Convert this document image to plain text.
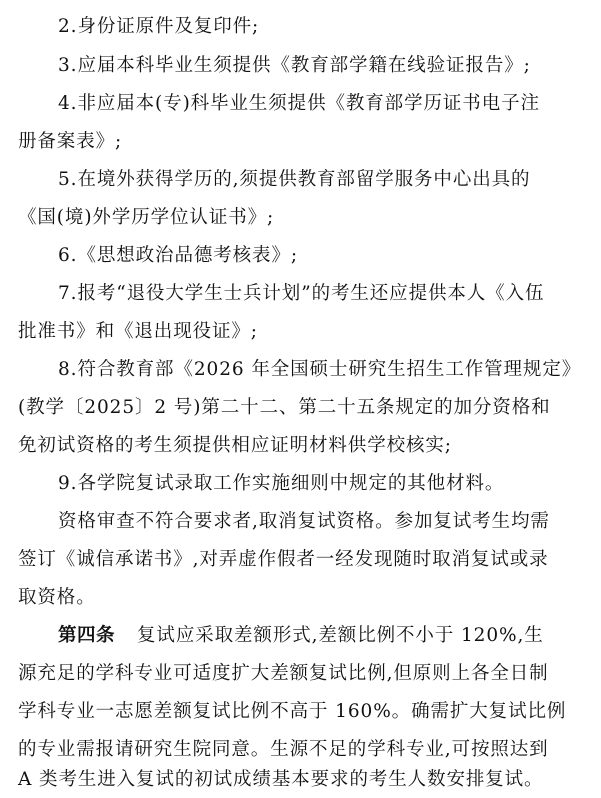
2.身份证原件及复印件;
3.应届本科毕业生须提供《教育部学籍在线验证报告》;
4.非应届本(专)科毕业生须提供《教育部学历证书电子注
册备案表》;
5.在境外获得学历的,须提供教育部留学服务中心出具的
《国(境)外学历学位认证书》;
6.《思想政治品德考核表》;
7.报考“退役大学生士兵计划”的考生还应提供本人《入伍
批准书》和《退出现役证》;
8.符合教育部《2026 年全国硕士研究生招生工作管理规定》
(教学〔2025〕2 号)第二十二、第二十五条规定的加分资格和
免初试资格的考生须提供相应证明材料供学校核实;
9.各学院复试录取工作实施细则中规定的其他材料。
资格审查不符合要求者,取消复试资格。参加复试考生均需
签订《诚信承诺书》,对弄虚作假者一经发现随时取消复试或录
取资格。
第四条 复试应采取差额形式,差额比例不小于 120%,生
源充足的学科专业可适度扩大差额复试比例,但原则上各全日制
学科专业一志愿差额复试比例不高于 160%。确需扩大复试比例
的专业需报请研究生院同意。生源不足的学科专业,可按照达到
A 类考生进入复试的初试成绩基本要求的考生人数安排复试。
